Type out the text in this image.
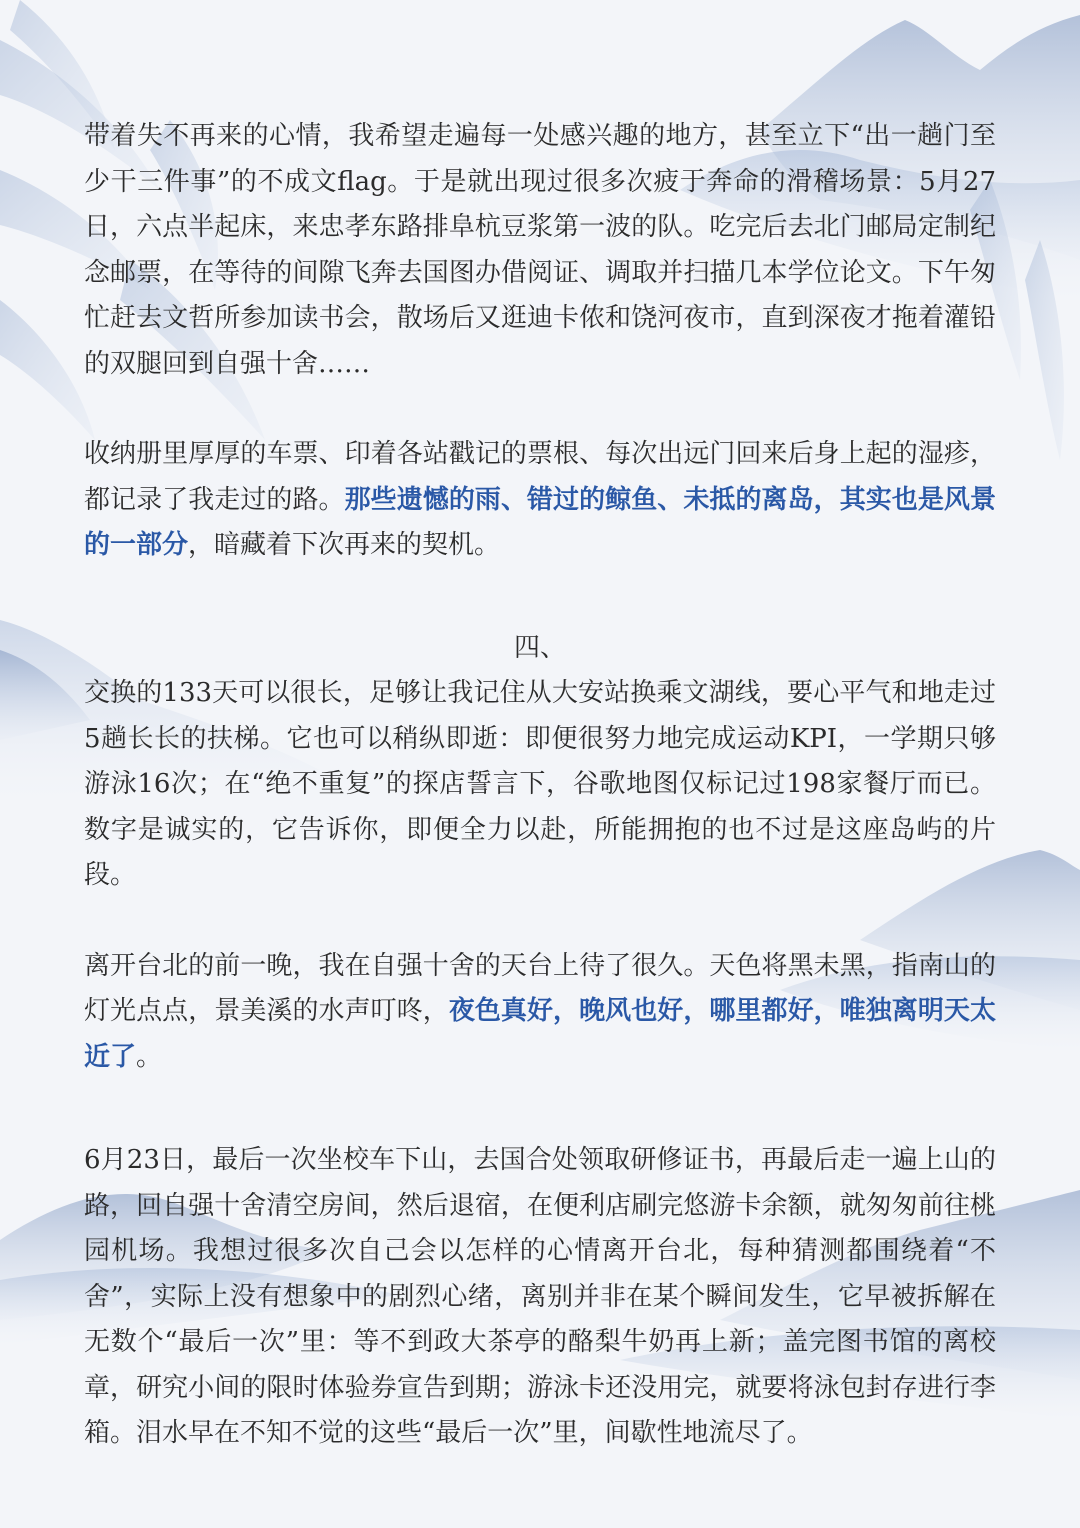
带着失不再来的心情，我希望走遍每一处感兴趣的地方，甚至立下“出一趟门至少干三件事”的不成文flag。于是就出现过很多次疲于奔命的滑稽场景：5月27日，六点半起床，来忠孝东路排阜杭豆浆第一波的队。吃完后去北门邮局定制纪念邮票，在等待的间隙飞奔去国图办借阅证、调取并扫描几本学位论文。下午匆忙赶去文哲所参加读书会，散场后又逛迪卡侬和饶河夜市，直到深夜才拖着灌铅的双腿回到自强十舍……

收纳册里厚厚的车票、印着各站戳记的票根、每次出远门回来后身上起的湿疹，都记录了我走过的路。那些遗憾的雨、错过的鲸鱼、未抵的离岛，其实也是风景的一部分，暗藏着下次再来的契机。

四、

交换的133天可以很长，足够让我记住从大安站换乘文湖线，要心平气和地走过5趟长长的扶梯。它也可以稍纵即逝：即便很努力地完成运动KPI，一学期只够游泳16次；在“绝不重复”的探店誓言下，谷歌地图仅标记过198家餐厅而已。数字是诚实的，它告诉你，即便全力以赴，所能拥抱的也不过是这座岛屿的片段。

离开台北的前一晚，我在自强十舍的天台上待了很久。天色将黑未黑，指南山的灯光点点，景美溪的水声叮咚，夜色真好，晚风也好，哪里都好，唯独离明天太近了。

6月23日，最后一次坐校车下山，去国合处领取研修证书，再最后走一遍上山的路，回自强十舍清空房间，然后退宿，在便利店刷完悠游卡余额，就匆匆前往桃园机场。我想过很多次自己会以怎样的心情离开台北，每种猜测都围绕着“不舍”，实际上没有想象中的剧烈心绪，离别并非在某个瞬间发生，它早被拆解在无数个“最后一次”里：等不到政大茶亭的酪梨牛奶再上新；盖完图书馆的离校章，研究小间的限时体验券宣告到期；游泳卡还没用完，就要将泳包封存进行李箱。泪水早在不知不觉的这些“最后一次”里，间歇性地流尽了。
